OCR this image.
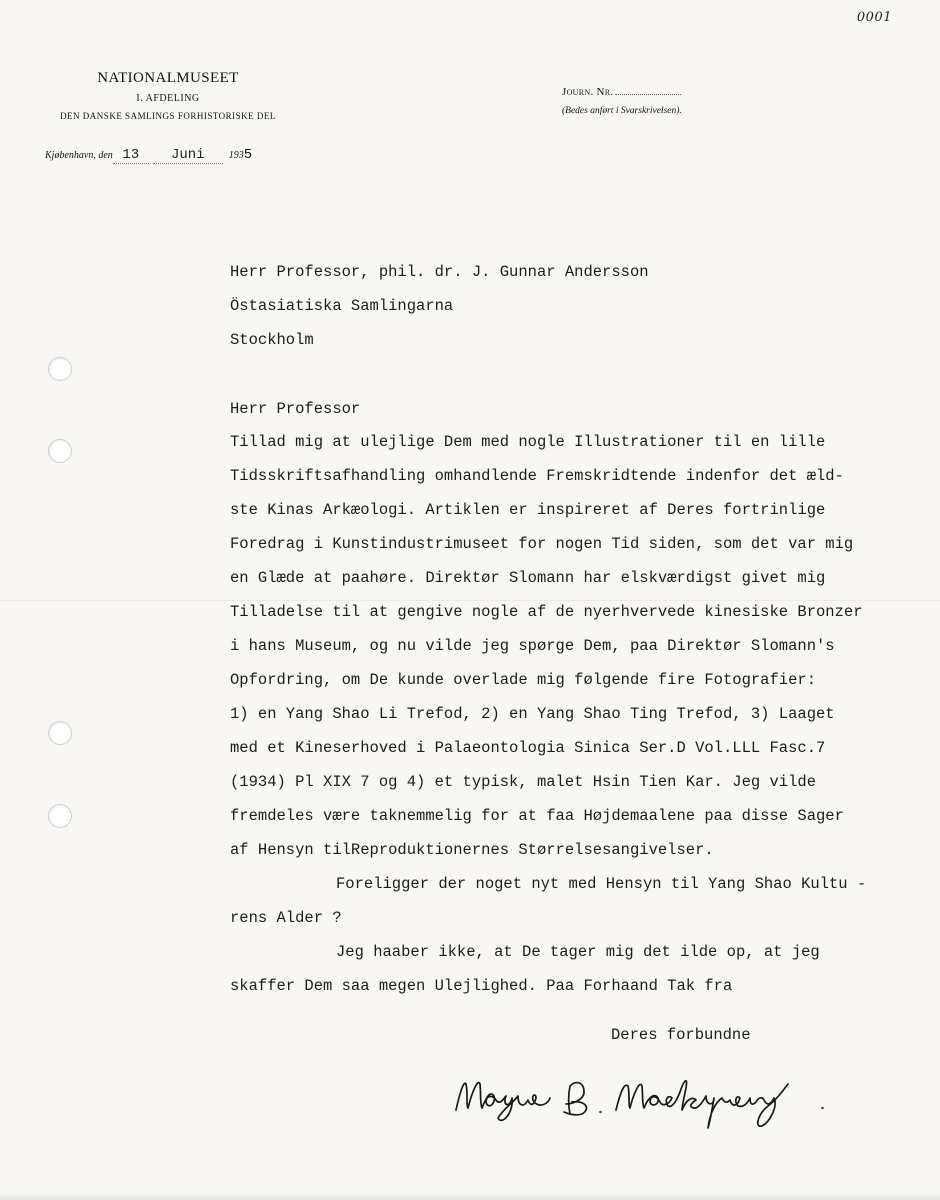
0001
NATIONALMUSEET
I. AFDELING
DEN DANSKE SAMLINGS FORHISTORISKE DEL
Journ. Nr.
(Bedes anført i Svarskrivelsen).
Kjøbenhavn, den 13 Juni 1935
Herr Professor, phil. dr. J. Gunnar Andersson
Östasiatiska Samlingarna
Stockholm
Herr Professor
Tillad mig at ulejlige Dem med nogle Illustrationer til en lille
Tidsskriftsafhandling omhandlende Fremskridtende indenfor det æld-
ste Kinas Arkæologi. Artiklen er inspireret af Deres fortrinlige
Foredrag i Kunstindustrimuseet for nogen Tid siden, som det var mig
en Glæde at paahøre. Direktør Slomann har elskværdigst givet mig
Tilladelse til at gengive nogle af de nyerhvervede kinesiske Bronzer
i hans Museum, og nu vilde jeg spørge Dem, paa Direktør Slomann's
Opfordring, om De kunde overlade mig følgende fire Fotografier:
1) en Yang Shao Li Trefod, 2) en Yang Shao Ting Trefod, 3) Laaget
med et Kineserhoved i Palaeontologia Sinica Ser.D Vol.LLL Fasc.7
(1934) Pl XIX 7 og 4) et typisk, malet Hsin Tien Kar. Jeg vilde
fremdeles være taknemmelig for at faa Højdemaalene paa disse Sager
af Hensyn tilReproduktionernes Størrelsesangivelser.
Foreligger der noget nyt med Hensyn til Yang Shao Kultu -
rens Alder ?
Jeg haaber ikke, at De tager mig det ilde op, at jeg
skaffer Dem saa megen Ulejlighed. Paa Forhaand Tak fra
Deres forbundne
